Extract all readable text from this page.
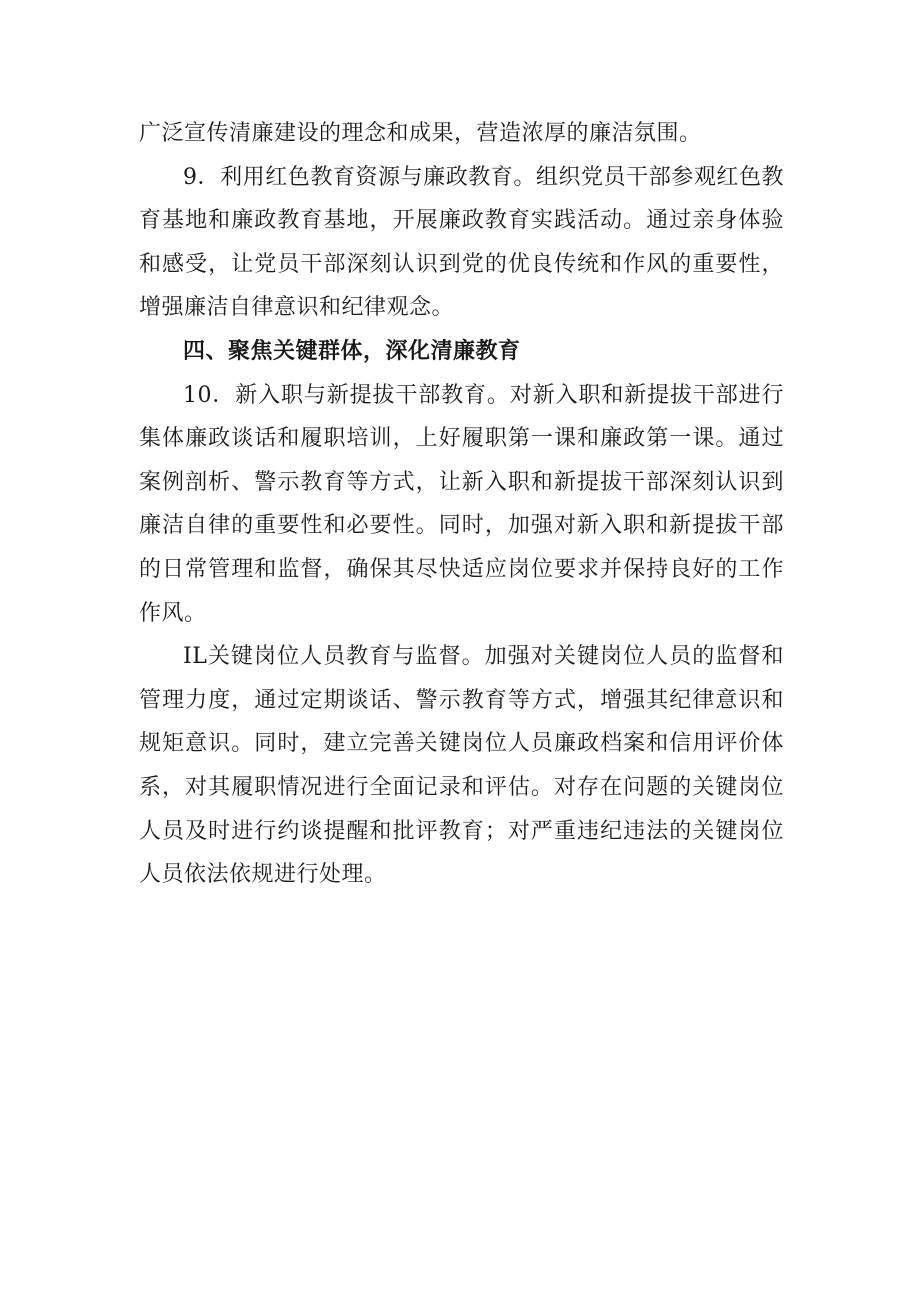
广泛宣传清廉建设的理念和成果，营造浓厚的廉洁氛围。

9．利用红色教育资源与廉政教育。组织党员干部参观红色教育基地和廉政教育基地，开展廉政教育实践活动。通过亲身体验和感受，让党员干部深刻认识到党的优良传统和作风的重要性，增强廉洁自律意识和纪律观念。

四、聚焦关键群体，深化清廉教育

10．新入职与新提拔干部教育。对新入职和新提拔干部进行集体廉政谈话和履职培训，上好履职第一课和廉政第一课。通过案例剖析、警示教育等方式，让新入职和新提拔干部深刻认识到廉洁自律的重要性和必要性。同时，加强对新入职和新提拔干部的日常管理和监督，确保其尽快适应岗位要求并保持良好的工作作风。

IL关键岗位人员教育与监督。加强对关键岗位人员的监督和管理力度，通过定期谈话、警示教育等方式，增强其纪律意识和规矩意识。同时，建立完善关键岗位人员廉政档案和信用评价体系，对其履职情况进行全面记录和评估。对存在问题的关键岗位人员及时进行约谈提醒和批评教育；对严重违纪违法的关键岗位人员依法依规进行处理。
